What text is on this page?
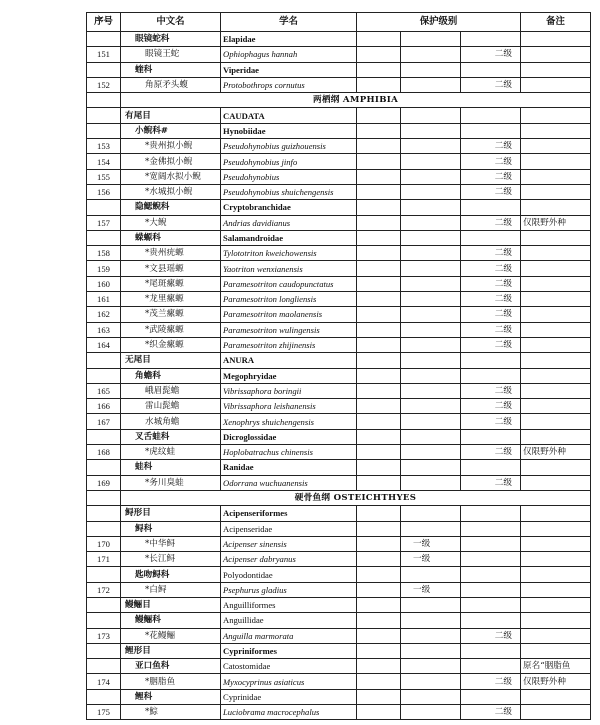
序号	中文名	学名	保护级别			备注
	眼镜蛇科	Elapidae				
151	眼镜王蛇	Ophiophagus hannah			二级	
	蝰科	Viperidae				
152	角原矛头蝮	Protobothrops cornutus			二级	
	两栖纲 AMPHIBIA					
	有尾目	CAUDATA				
	小鲵科#	Hynobiidae				
153	*贵州拟小鲵	Pseudohynobius guizhouensis			二级	
154	*金佛拟小鲵	Pseudohynobius jinfo			二级	
155	*宽阔水拟小鲵	Pseudohynobius			二级	
156	*水城拟小鲵	Pseudohynobius shuichengensis			二级	
	隐鳃鲵科	Cryptobranchidae				
157	*大鲵	Andrias davidianus			二级	仅限野外种
	蝾螈科	Salamandroidae				
158	*贵州疣螈	Tylototriton kweichowensis			二级	
159	*文县瑶螈	Yaotriton wenxianensis			二级	
160	*尾斑瘰螈	Paramesotriton caudopunctatus			二级	
161	*龙里瘰螈	Paramesotriton longliensis			二级	
162	*茂兰瘰螈	Paramesotriton maolanensis			二级	
163	*武陵瘰螈	Paramesotriton wulingensis			二级	
164	*织金瘰螈	Paramesotriton zhijinensis			二级	
	无尾目	ANURA				
	角蟾科	Megophryidae				
165	峨眉髭蟾	Vibrissaphora boringii			二级	
166	雷山髭蟾	Vibrissaphora leishanensis			二级	
167	水城角蟾	Xenophrys shuichengensis			二级	
	叉舌蛙科	Dicroglossidae				
168	*虎纹蛙	Hoplobatrachus chinensis			二级	仅限野外种
	蛙科	Ranidae				
169	*务川臭蛙	Odorrana wuchuanensis			二级	
	硬骨鱼纲 OSTEICHTHYES					
	鲟形目	Acipenseriformes				
	鲟科	Acipenseridae				
170	*中华鲟	Acipenser sinensis		一级		
171	*长江鲟	Acipenser dabryanus		一级		
	匙吻鲟科	Polyodontidae				
172	*白鲟	Psephurus gladius		一级		
	鳗鲡目	Anguilliformes				
	鳗鲡科	Anguillidae				
173	*花鳗鲡	Anguilla marmorata			二级	
	鲤形目	Cypriniformes				
	亚口鱼科	Catostomidae				原名“胭脂鱼
174	*胭脂鱼	Myxocyprinus asiaticus			二级	仅限野外种
	鲤科	Cyprinidae				
175	*鯮	Luciobrama macrocephalus			二级	
